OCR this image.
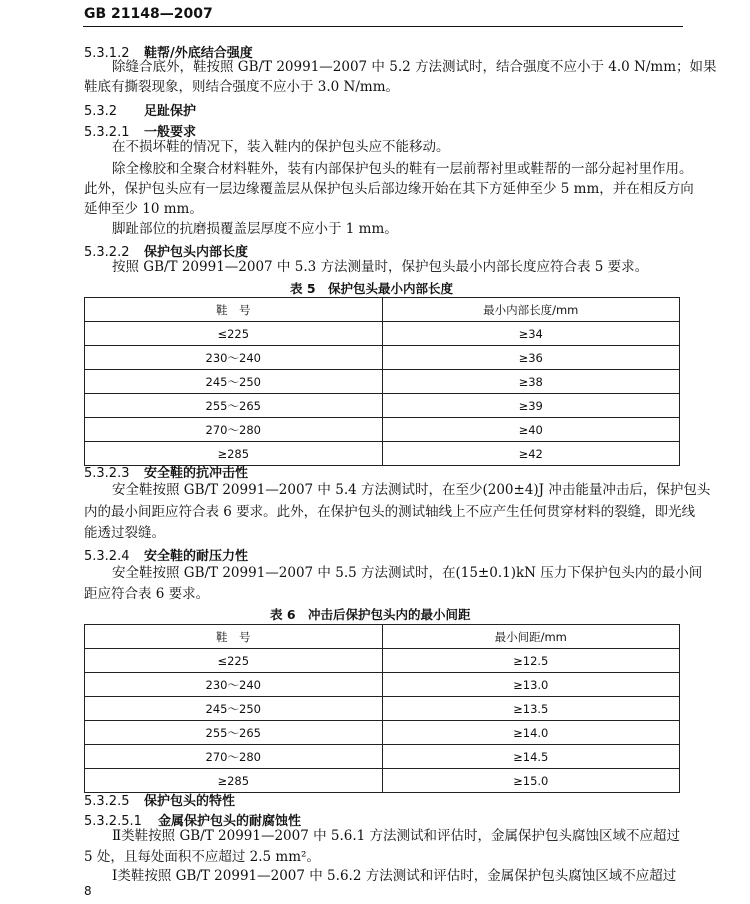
GB 21148—2007
5.3.1.2 鞋帮/外底结合强度
除缝合底外，鞋按照 GB/T 20991—2007 中 5.2 方法测试时，结合强度不应小于 4.0 N/mm；如果
鞋底有撕裂现象，则结合强度不应小于 3.0 N/mm。
5.3.2 足趾保护
5.3.2.1 一般要求
在不损坏鞋的情况下，装入鞋内的保护包头应不能移动。
除全橡胶和全聚合材料鞋外，装有内部保护包头的鞋有一层前帮衬里或鞋帮的一部分起衬里作用。
此外，保护包头应有一层边缘覆盖层从保护包头后部边缘开始在其下方延伸至少 5 mm，并在相反方向
延伸至少 10 mm。
脚趾部位的抗磨损覆盖层厚度不应小于 1 mm。
5.3.2.2 保护包头内部长度
按照 GB/T 20991—2007 中 5.3 方法测量时，保护包头最小内部长度应符合表 5 要求。
表 5　保护包头最小内部长度
鞋　号	最小内部长度/mm
≤225	≥34
230～240	≥36
245～250	≥38
255～265	≥39
270～280	≥40
≥285	≥42
5.3.2.3 安全鞋的抗冲击性
安全鞋按照 GB/T 20991—2007 中 5.4 方法测试时，在至少(200±4)J 冲击能量冲击后，保护包头
内的最小间距应符合表 6 要求。此外，在保护包头的测试轴线上不应产生任何贯穿材料的裂缝，即光线
能透过裂缝。
5.3.2.4 安全鞋的耐压力性
安全鞋按照 GB/T 20991—2007 中 5.5 方法测试时，在(15±0.1)kN 压力下保护包头内的最小间
距应符合表 6 要求。
表 6　冲击后保护包头内的最小间距
鞋　号	最小间距/mm
≤225	≥12.5
230～240	≥13.0
245～250	≥13.5
255～265	≥14.0
270～280	≥14.5
≥285	≥15.0
5.3.2.5 保护包头的特性
5.3.2.5.1 金属保护包头的耐腐蚀性
Ⅱ类鞋按照 GB/T 20991—2007 中 5.6.1 方法测试和评估时，金属保护包头腐蚀区域不应超过
5 处，且每处面积不应超过 2.5 mm²。
Ⅰ类鞋按照 GB/T 20991—2007 中 5.6.2 方法测试和评估时，金属保护包头腐蚀区域不应超过
8
